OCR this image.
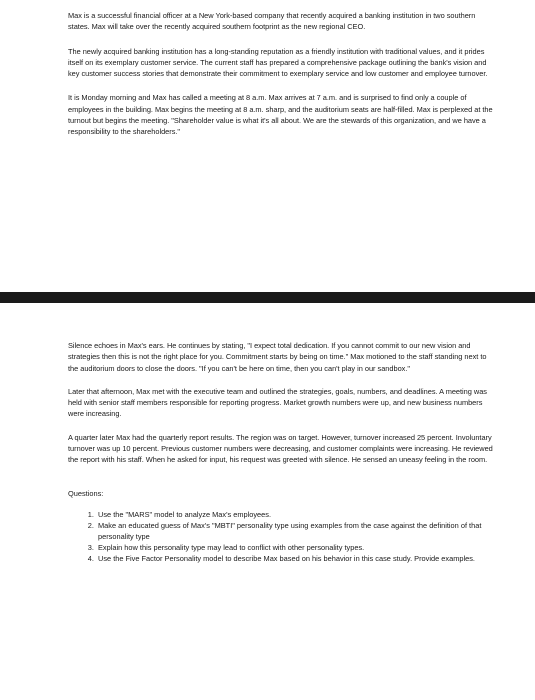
Max is a successful financial officer at a New York-based company that recently acquired a banking institution in two southern states. Max will take over the recently acquired southern footprint as the new regional CEO.

The newly acquired banking institution has a long-standing reputation as a friendly institution with traditional values, and it prides itself on its exemplary customer service. The current staff has prepared a comprehensive package outlining the bank's vision and key customer success stories that demonstrate their commitment to exemplary service and low customer and employee turnover.

It is Monday morning and Max has called a meeting at 8 a.m. Max arrives at 7 a.m. and is surprised to find only a couple of employees in the building. Max begins the meeting at 8 a.m. sharp, and the auditorium seats are half-filled. Max is perplexed at the turnout but begins the meeting. "Shareholder value is what it's all about. We are the stewards of this organization, and we have a responsibility to the shareholders."

Silence echoes in Max's ears. He continues by stating, "I expect total dedication. If you cannot commit to our new vision and strategies then this is not the right place for you. Commitment starts by being on time." Max motioned to the staff standing next to the auditorium doors to close the doors. "If you can't be here on time, then you can't play in our sandbox."

Later that afternoon, Max met with the executive team and outlined the strategies, goals, numbers, and deadlines. A meeting was held with senior staff members responsible for reporting progress. Market growth numbers were up, and new business numbers were increasing.

A quarter later Max had the quarterly report results. The region was on target. However, turnover increased 25 percent. Involuntary turnover was up 10 percent. Previous customer numbers were decreasing, and customer complaints were increasing. He reviewed the report with his staff. When he asked for input, his request was greeted with silence. He sensed an uneasy feeling in the room.

Questions:
1. Use the "MARS" model to analyze Max's employees.
2. Make an educated guess of Max's "MBTI" personality type using examples from the case against the definition of that personality type
3. Explain how this personality type may lead to conflict with other personality types.
4. Use the Five Factor Personality model to describe Max based on his behavior in this case study. Provide examples.
